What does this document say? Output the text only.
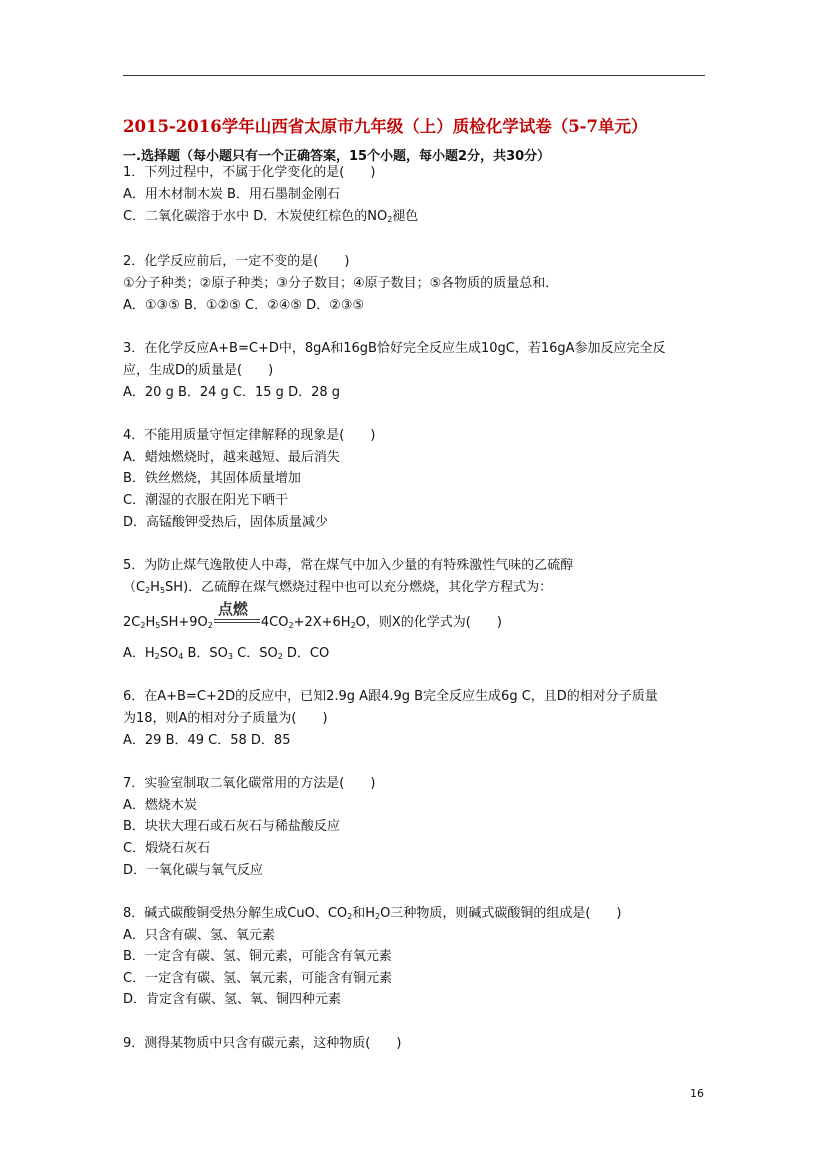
2015-2016学年山西省太原市九年级（上）质检化学试卷（5-7单元）
一.选择题（每小题只有一个正确答案，15个小题，每小题2分，共30分）
1．下列过程中，不属于化学变化的是(　　)
A．用木材制木炭 B．用石墨制金刚石
C．二氧化碳溶于水中 D．木炭使红棕色的$NO_2$褪色
2．化学反应前后，一定不变的是(　　)
①分子种类；②原子种类；③分子数目；④原子数目；⑤各物质的质量总和．
A．①③⑤ B．①②⑤ C．②④⑤ D．②③⑤
3．在化学反应A+B=C+D中，8gA和16gB恰好完全反应生成10gC，若16gA参加反应完全反
应，生成D的质量是(　　)
A．20 g B．24 g C．15 g D．28 g
4．不能用质量守恒定律解释的现象是(　　)
A．蜡烛燃烧时，越来越短、最后消失
B．铁丝燃烧，其固体质量增加
C．潮湿的衣服在阳光下晒干
D．高锰酸钾受热后，固体质量减少
5．为防止煤气逸散使人中毒，常在煤气中加入少量的有特殊激性气味的乙硫醇
$(C_2H_5SH)$．乙硫醇在煤气燃烧过程中也可以充分燃烧，其化学方程式为：
$2C_2H_5SH+9O_2$
点燃
$4CO_2+2X+6H_2O$，则X的化学式为(　　)
A．$H_2SO_4$ B．$SO_3$ C．$SO_2$ D．CO
6．在A+B=C+2D的反应中，已知2.9g A跟4.9g B完全反应生成6g C，且D的相对分子质量
为18，则A的相对分子质量为(　　)
A．29 B．49 C．58 D．85
7．实验室制取二氧化碳常用的方法是(　　)
A．燃烧木炭
B．块状大理石或石灰石与稀盐酸反应
C．煅烧石灰石
D．一氧化碳与氧气反应
8．碱式碳酸铜受热分解生成CuO、$CO_2$和$H_2O$三种物质，则碱式碳酸铜的组成是(　　)
A．只含有碳、氢、氧元素
B．一定含有碳、氢、铜元素，可能含有氧元素
C．一定含有碳、氢、氧元素，可能含有铜元素
D．肯定含有碳、氢、氧、铜四种元素
9．测得某物质中只含有碳元素，这种物质(　　)
16
